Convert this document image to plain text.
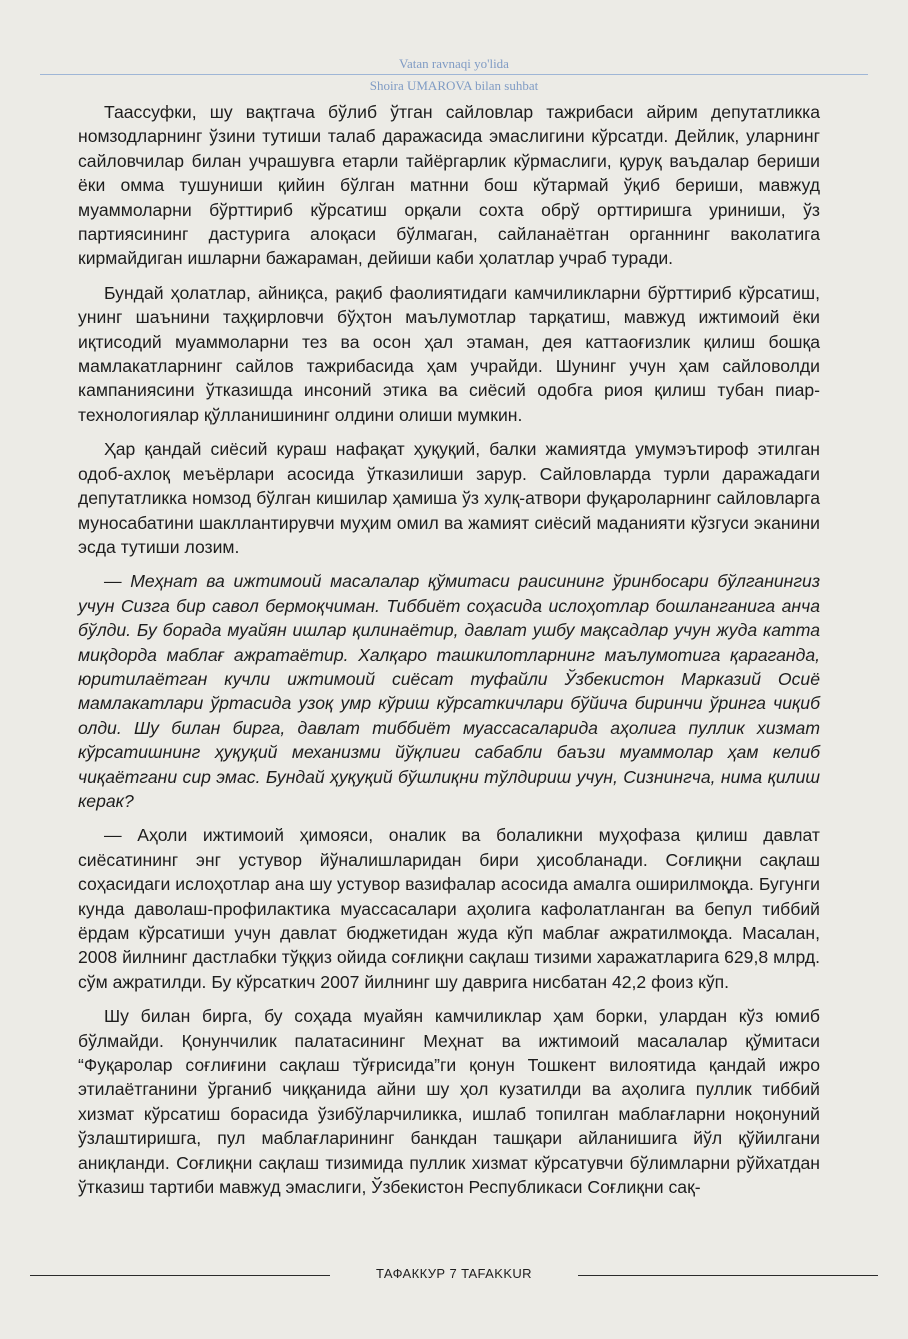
Vatan ravnaqi yo'lida
Shoira UMAROVA bilan suhbat

Таассуфки, шу вақтгача бўлиб ўтган сайловлар тажрибаси айрим депутатликка номзодларнинг ўзини тутиши талаб даражасида эмаслигини кўрсатди. Дейлик, уларнинг сайловчилар билан учрашувга етарли тайёргарлик кўрмаслиги, қуруқ ваъдалар бериши ёки омма тушуниши қийин бўлган матнни бош кўтармай ўқиб бериши, мавжуд муаммоларни бўрттириб кўрсатиш орқали сохта обрў орттиришга уриниши, ўз партиясининг дастурига алоқаси бўлмаган, сайланаётган органнинг ваколатига кирмайдиган ишларни бажараман, дейиши каби ҳолатлар учраб туради.

Бундай ҳолатлар, айниқса, рақиб фаолиятидаги камчиликларни бўрттириб кўрсатиш, унинг шаънини таҳқирловчи бўҳтон маълумотлар тарқатиш, мавжуд ижтимоий ёки иқтисодий муаммоларни тез ва осон ҳал этаман, дея каттаоғизлик қилиш бошқа мамлакатларнинг сайлов тажрибасида ҳам учрайди. Шунинг учун ҳам сайловолди кампаниясини ўтказишда инсоний этика ва сиёсий одобга риоя қилиш тубан пиар-технологиялар қўлланишининг олдини олиши мумкин.

Ҳар қандай сиёсий кураш нафақат ҳуқуқий, балки жамиятда умумэътироф этилган одоб-ахлоқ меъёрлари асосида ўтказилиши зарур. Сайловларда турли даражадаги депутатликка номзод бўлган кишилар ҳамиша ўз хулқ-атвори фуқароларнинг сайловларга муносабатини шакллантирувчи муҳим омил ва жамият сиёсий маданияти кўзгуси эканини эсда тутиши лозим.

— Меҳнат ва ижтимоий масалалар қўмитаси раисининг ўринбосари бўлганингиз учун Сизга бир савол бермоқчиман. Тиббиёт соҳасида ислоҳотлар бошланганига анча бўлди. Бу борада муайян ишлар қилинаётир, давлат ушбу мақсадлар учун жуда катта миқдорда маблағ ажратаётир. Халқаро ташкилотларнинг маълумотига қараганда, юритилаётган кучли ижтимоий сиёсат туфайли Ўзбекистон Марказий Осиё мамлакатлари ўртасида узоқ умр кўриш кўрсаткичлари бўйича биринчи ўринга чиқиб олди. Шу билан бирга, давлат тиббиёт муассасаларида аҳолига пуллик хизмат кўрсатишнинг ҳуқуқий механизми йўқлиги сабабли баъзи муаммолар ҳам келиб чиқаётгани сир эмас. Бундай ҳуқуқий бўшлиқни тўлдириш учун, Сизнингча, нима қилиш керак?

— Аҳоли ижтимоий ҳимояси, оналик ва болаликни муҳофаза қилиш давлат сиёсатининг энг устувор йўналишларидан бири ҳисобланади. Соғлиқни сақлаш соҳасидаги ислоҳотлар ана шу устувор вазифалар асосида амалга оширилмоқда. Бугунги кунда даволаш-профилактика муассасалари аҳолига кафолатланган ва бепул тиббий ёрдам кўрсатиши учун давлат бюджетидан жуда кўп маблағ ажратилмоқда. Масалан, 2008 йилнинг дастлабки тўққиз ойида соғлиқни сақлаш тизими харажатларига 629,8 млрд. сўм ажратилди. Бу кўрсаткич 2007 йилнинг шу даврига нисбатан 42,2 фоиз кўп.

Шу билан бирга, бу соҳада муайян камчиликлар ҳам борки, улардан кўз юмиб бўлмайди. Қонунчилик палатасининг Меҳнат ва ижтимоий масалалар қўмитаси “Фуқаролар соғлиғини сақлаш тўғрисида”ги қонун Тошкент вилоятида қандай ижро этилаётганини ўрганиб чиққанида айни шу ҳол кузатилди ва аҳолига пуллик тиббий хизмат кўрсатиш борасида ўзибўларчиликка, ишлаб топилган маблағларни ноқонуний ўзлаштиришга, пул маблағларининг банкдан ташқари айланишига йўл қўйилгани аниқланди. Соғлиқни сақлаш тизимида пуллик хизмат кўрсатувчи бўлимларни рўйхатдан ўтказиш тартиби мавжуд эмаслиги, Ўзбекистон Республикаси Соғлиқни сақ-

ТАФАККУР 7 TAFAKKUR
